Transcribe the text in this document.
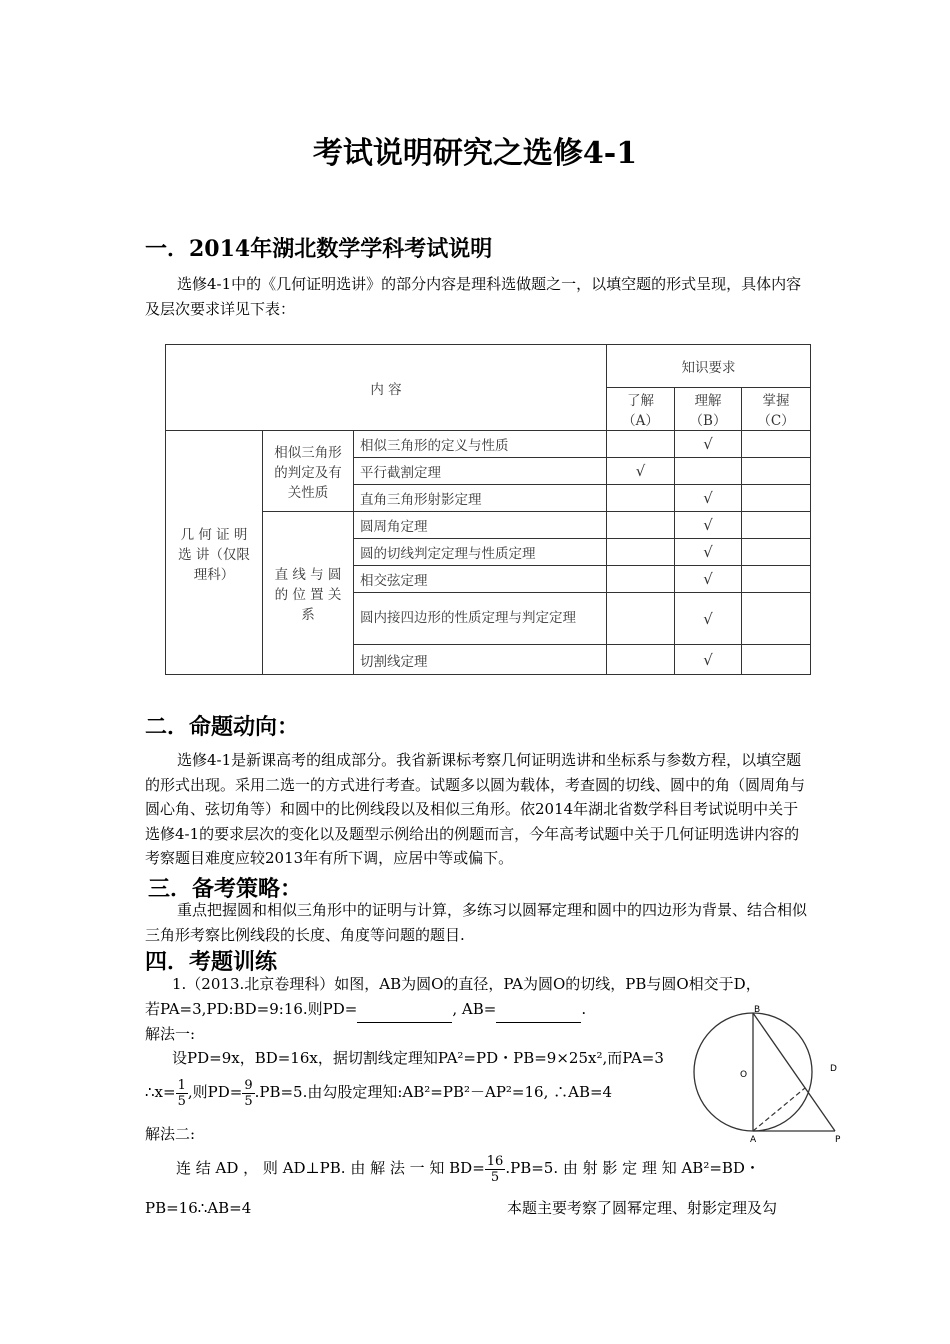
考试说明研究之选修4-1
一．2014年湖北数学学科考试说明
选修4-1中的《几何证明选讲》的部分内容是理科选做题之一，以填空题的形式呈现，具体内容及层次要求详见下表：
内 容			知识要求		
			了解（A）	理解（B）	掌握（C）
几 何 证 明 选 讲（仅限理科）	相似三角形的判定及有关性质	相似三角形的定义与性质		√	
		平行截割定理	√		
		直角三角形射影定理		√	
	直 线 与 圆 的 位 置 关 系	圆周角定理		√	
		圆的切线判定定理与性质定理		√	
		相交弦定理		√	
		圆内接四边形的性质定理与判定定理		√	
		切割线定理		√	
二．命题动向：
选修4-1是新课高考的组成部分。我省新课标考察几何证明选讲和坐标系与参数方程，以填空题的形式出现。采用二选一的方式进行考查。试题多以圆为载体，考查圆的切线、圆中的角（圆周角与圆心角、弦切角等）和圆中的比例线段以及相似三角形。依2014年湖北省数学科目考试说明中关于选修4-1的要求层次的变化以及题型示例给出的例题而言，今年高考试题中关于几何证明选讲内容的考察题目难度应较2013年有所下调，应居中等或偏下。
三．备考策略：
重点把握圆和相似三角形中的证明与计算，多练习以圆幂定理和圆中的四边形为背景、结合相似三角形考察比例线段的长度、角度等问题的题目.
四．考题训练
1.（2013.北京卷理科）如图，AB为圆O的直径，PA为圆O的切线，PB与圆O相交于D，
若PA=3,PD:BD=9:16.则PD=	, AB=	.
解法一:
设PD=9x，BD=16x，据切割线定理知PA²=PD・PB=9×25x²,而PA=3
∴x= $\frac{1}{5}$ ,则$PD= \frac{9}{5} .PB=5$.由勾股定理知:AB²=PB²－AP²=16, ∴AB=4
解法二:
连 结 AD ， 则 AD⊥PB. 由 解 法 一 知 $BD= \frac{16}{5} .PB=5$. 由 射 影 定 理 知 AB²=BD・
PB=16∴AB=4	本题主要考察了圆幂定理、射影定理及勾
B
O
D
A	P
